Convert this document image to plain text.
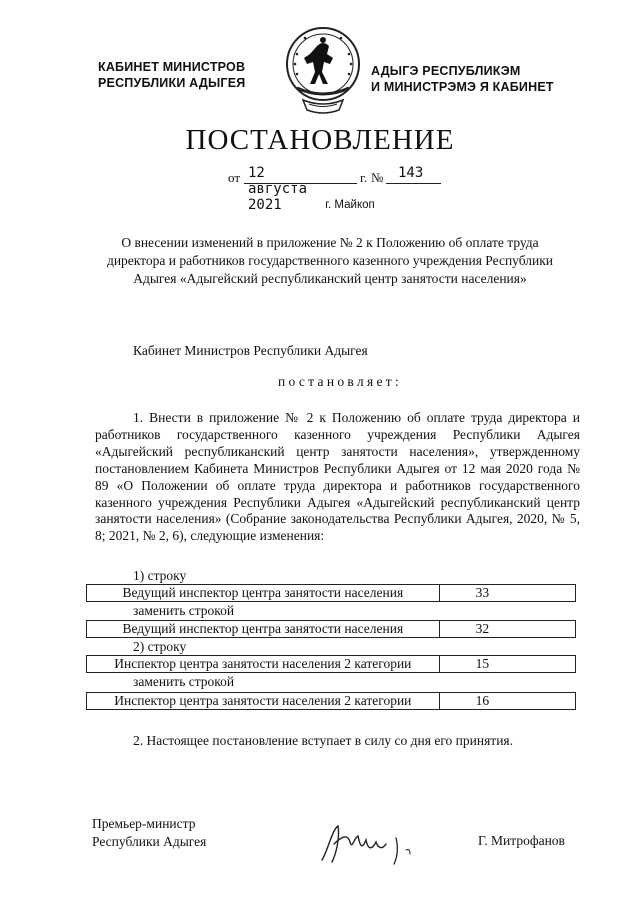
КАБИНЕТ МИНИСТРОВ
РЕСПУБЛИКИ АДЫГЕЯ
АДЫГЭ РЕСПУБЛИКЭМ
И МИНИСТРЭМЭ Я КАБИНЕТ
ПОСТАНОВЛЕНИЕ
от 12 августа 2021
г. № 143
г. Майкоп
О внесении изменений в приложение № 2 к Положению об оплате труда директора и работников государственного казенного учреждения Республики Адыгея «Адыгейский республиканский центр занятости населения»
Кабинет Министров Республики Адыгея
постановляет:
1. Внести в приложение № 2 к Положению об оплате труда директора и работников государственного казенного учреждения Республики Адыгея «Адыгейский республиканский центр занятости населения», утвержденному постановлением Кабинета Министров Республики Адыгея от 12 мая 2020 года № 89 «О Положении об оплате труда директора и работников государственного казенного учреждения Республики Адыгея «Адыгейский республиканский центр занятости населения» (Собрание законодательства Республики Адыгея, 2020, № 5, 8; 2021, № 2, 6), следующие изменения:
1) строку
Ведущий инспектор центра занятости населения	33
заменить строкой
Ведущий инспектор центра занятости населения	32
2) строку
Инспектор центра занятости населения 2 категории	15
заменить строкой
Инспектор центра занятости населения 2 категории	16
2. Настоящее постановление вступает в силу со дня его принятия.
Премьер-министр
Республики Адыгея	Г. Митрофанов
